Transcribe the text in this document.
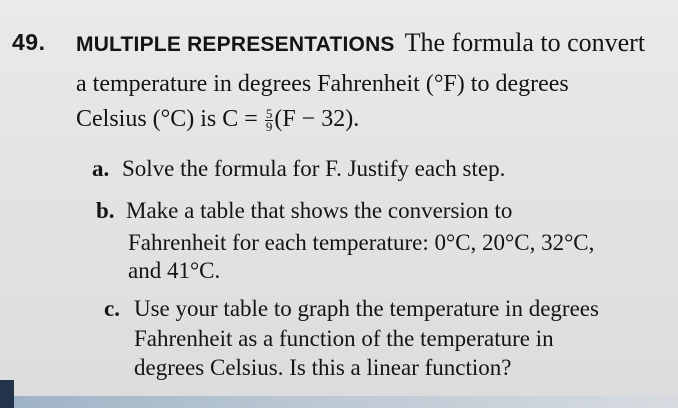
49. MULTIPLE REPRESENTATIONS The formula to convert
a temperature in degrees Fahrenheit (°F) to degrees
Celsius (°C) is $C = \frac{5}{9} (F - 32)$.
a. Solve the formula for F. Justify each step.
b. Make a table that shows the conversion to
Fahrenheit for each temperature: 0°C, 20°C, 32°C,
and 41°C.
c. Use your table to graph the temperature in degrees
Fahrenheit as a function of the temperature in
degrees Celsius. Is this a linear function?
